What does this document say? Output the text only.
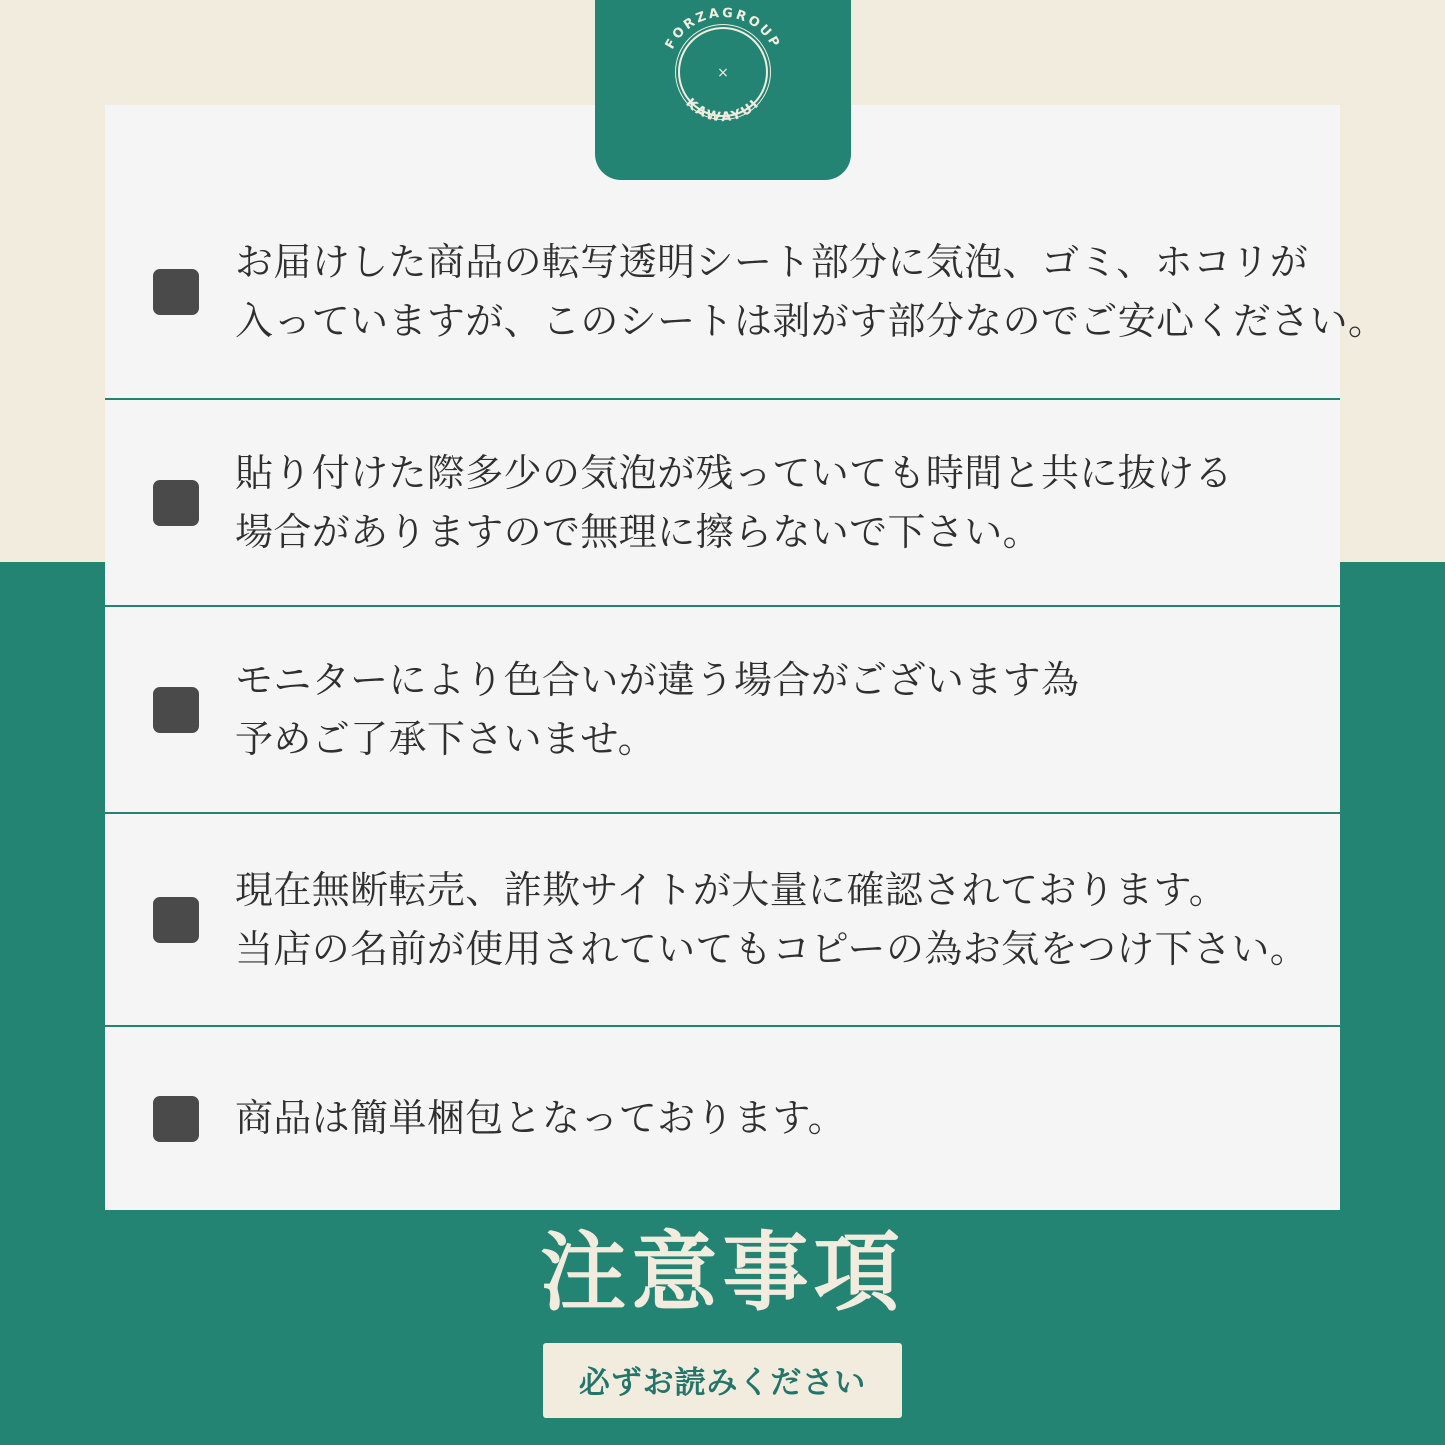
FORZAGROUP
KAWAYUI
×
お届けした商品の転写透明シート部分に気泡、ゴミ、ホコリが
入っていますが、このシートは剥がす部分なのでご安心ください。
貼り付けた際多少の気泡が残っていても時間と共に抜ける
場合がありますので無理に擦らないで下さい。
モニターにより色合いが違う場合がございます為
予めご了承下さいませ。
現在無断転売、詐欺サイトが大量に確認されております。
当店の名前が使用されていてもコピーの為お気をつけ下さい。
商品は簡単梱包となっております。
注意事項
必ずお読みください
